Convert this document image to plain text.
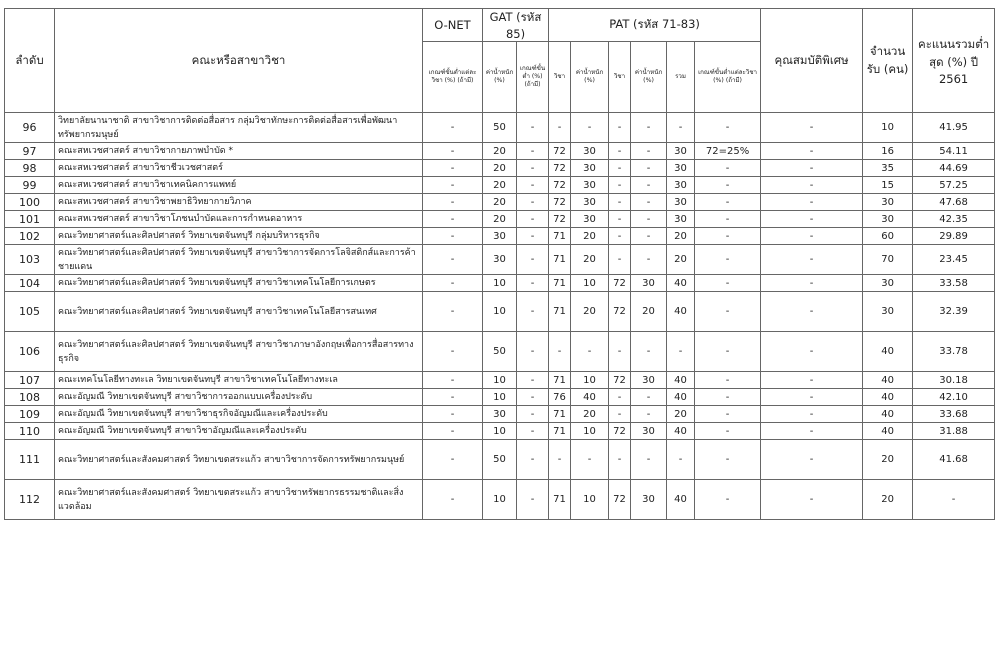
ลำดับ	คณะหรือสาขาวิชา	O-NET	GAT (รหัส 85)		PAT (รหัส 71-83)						คุณสมบัติพิเศษ	จำนวนรับ (คน)	คะแนนรวมต่ำสุด (%) ปี 2561
		เกณฑ์ขั้นต่ำแต่ละวิชา (%) (ถ้ามี)	ค่าน้ำหนัก (%)	เกณฑ์ขั้นต่ำ (%) (ถ้ามี)	วิชา	ค่าน้ำหนัก (%)	วิชา	ค่าน้ำหนัก (%)	รวม	เกณฑ์ขั้นต่ำแต่ละวิชา (%) (ถ้ามี)			
96	วิทยาลัยนานาชาติ สาขาวิชาการติดต่อสื่อสาร กลุ่มวิชาทักษะการติดต่อสื่อสารเพื่อพัฒนาทรัพยากรมนุษย์	-	50	-	-	-	-	-	-	-	-	10	41.95
97	คณะสหเวชศาสตร์ สาขาวิชากายภาพบำบัด *	-	20	-	72	30	-	-	30	72=25%	-	16	54.11
98	คณะสหเวชศาสตร์ สาขาวิชาชีวเวชศาสตร์	-	20	-	72	30	-	-	30	-	-	35	44.69
99	คณะสหเวชศาสตร์ สาขาวิชาเทคนิคการแพทย์	-	20	-	72	30	-	-	30	-	-	15	57.25
100	คณะสหเวชศาสตร์ สาขาวิชาพยาธิวิทยากายวิภาค	-	20	-	72	30	-	-	30	-	-	30	47.68
101	คณะสหเวชศาสตร์ สาขาวิชาโภชนบำบัดและการกำหนดอาหาร	-	20	-	72	30	-	-	30	-	-	30	42.35
102	คณะวิทยาศาสตร์และศิลปศาสตร์ วิทยาเขตจันทบุรี กลุ่มบริหารธุรกิจ	-	30	-	71	20	-	-	20	-	-	60	29.89
103	คณะวิทยาศาสตร์และศิลปศาสตร์ วิทยาเขตจันทบุรี สาขาวิชาการจัดการโลจิสติกส์และการค้าชายแดน	-	30	-	71	20	-	-	20	-	-	70	23.45
104	คณะวิทยาศาสตร์และศิลปศาสตร์ วิทยาเขตจันทบุรี สาขาวิชาเทคโนโลยีการเกษตร	-	10	-	71	10	72	30	40	-	-	30	33.58
105	คณะวิทยาศาสตร์และศิลปศาสตร์ วิทยาเขตจันทบุรี สาขาวิชาเทคโนโลยีสารสนเทศ	-	10	-	71	20	72	20	40	-	-	30	32.39
106	คณะวิทยาศาสตร์และศิลปศาสตร์ วิทยาเขตจันทบุรี สาขาวิชาภาษาอังกฤษเพื่อการสื่อสารทางธุรกิจ	-	50	-	-	-	-	-	-	-	-	40	33.78
107	คณะเทคโนโลยีทางทะเล วิทยาเขตจันทบุรี สาขาวิชาเทคโนโลยีทางทะเล	-	10	-	71	10	72	30	40	-	-	40	30.18
108	คณะอัญมณี วิทยาเขตจันทบุรี สาขาวิชาการออกแบบเครื่องประดับ	-	10	-	76	40	-	-	40	-	-	40	42.10
109	คณะอัญมณี วิทยาเขตจันทบุรี สาขาวิชาธุรกิจอัญมณีและเครื่องประดับ	-	30	-	71	20	-	-	20	-	-	40	33.68
110	คณะอัญมณี วิทยาเขตจันทบุรี สาขาวิชาอัญมณีและเครื่องประดับ	-	10	-	71	10	72	30	40	-	-	40	31.88
111	คณะวิทยาศาสตร์และสังคมศาสตร์ วิทยาเขตสระแก้ว สาขาวิชาการจัดการทรัพยากรมนุษย์	-	50	-	-	-	-	-	-	-	-	20	41.68
112	คณะวิทยาศาสตร์และสังคมศาสตร์ วิทยาเขตสระแก้ว สาขาวิชาทรัพยากรธรรมชาติและสิ่งแวดล้อม	-	10	-	71	10	72	30	40	-	-	20	-
